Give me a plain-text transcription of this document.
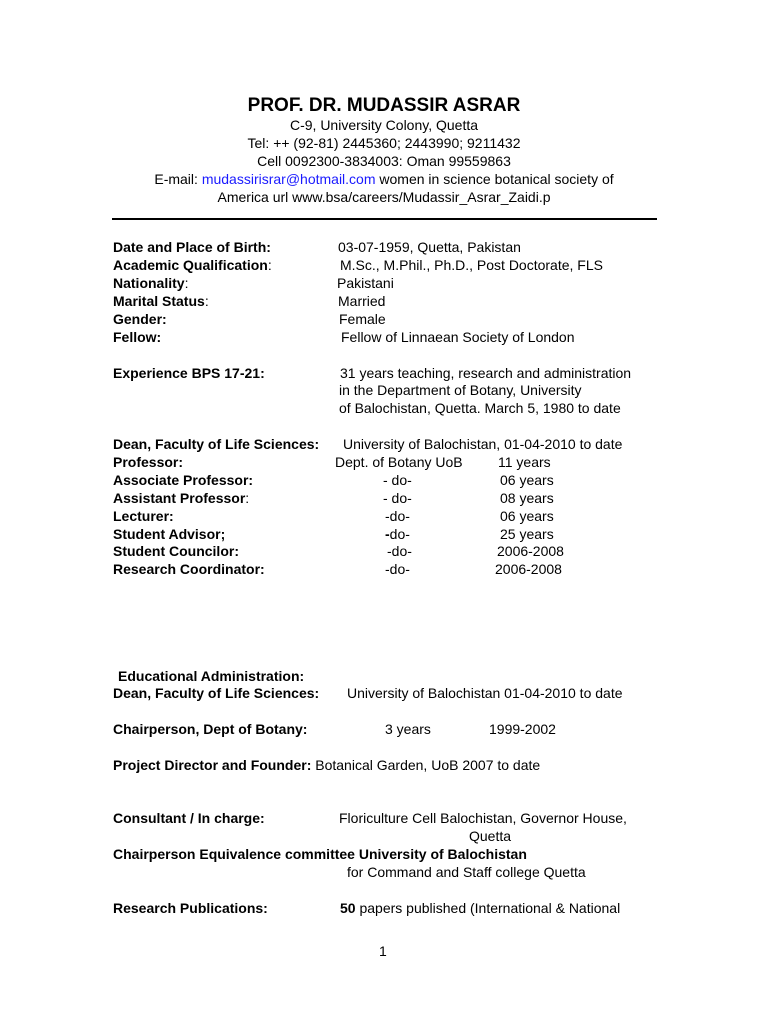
PROF. DR. MUDASSIR ASRAR
C-9, University Colony, Quetta
Tel: ++ (92-81) 2445360; 2443990; 9211432
Cell 0092300-3834003: Oman 99559863
E-mail: mudassirisrar@hotmail.com women in science botanical society of
America url www.bsa/careers/Mudassir_Asrar_Zaidi.p
Date and Place of Birth:	03-07-1959, Quetta, Pakistan
Academic Qualification:	M.Sc., M.Phil., Ph.D., Post Doctorate, FLS
Nationality:	Pakistani
Marital Status:	Married
Gender:	Female
Fellow:	Fellow of Linnaean Society of London
Experience BPS 17-21:	31 years teaching, research and administration
in the Department of Botany, University
of Balochistan, Quetta. March 5, 1980 to date
Dean, Faculty of Life Sciences: University of Balochistan, 01-04-2010 to date
Professor:	Dept. of Botany UoB	11 years
Associate Professor:	- do-	06 years
Assistant Professor:	- do-	08 years
Lecturer:	-do-	06 years
Student Advisor;	-do-	25 years
Student Councilor:	-do-	2006-2008
Research Coordinator:	-do-	2006-2008
Educational Administration:
Dean, Faculty of Life Sciences: University of Balochistan 01-04-2010 to date
Chairperson, Dept of Botany:	3 years	1999-2002
Project Director and Founder: Botanical Garden, UoB 2007 to date
Consultant / In charge:	Floriculture Cell Balochistan, Governor House,
Quetta
Chairperson Equivalence committee University of Balochistan
for Command and Staff college Quetta
Research Publications:	50 papers published (International & National
1
